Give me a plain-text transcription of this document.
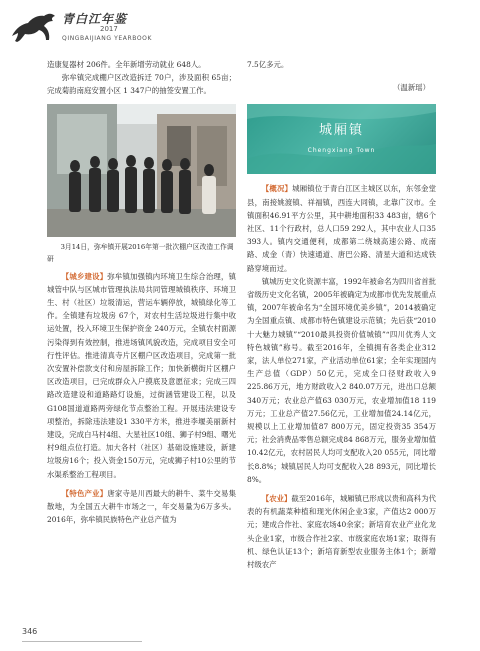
青白江年鉴
2017
QINGBAIJIANG YEARBOOK

造康复器材 206件。全年新增劳动就业 648人。

弥牟镇完成棚户区改造拆迁 70户，涉及面积 65亩；完成菊韵南庭安置小区 1 347户的抽签安置工作。

3月14日，弥牟镇开展2016年第一批次棚户区改造工作调研

【城乡建设】弥牟镇加强镇内环境卫生综合治理，镇城管中队与区城市管理执法局共同管理城镇秩序、环境卫生、村（社区）垃圾清运，营运车辆停放，城镇绿化等工作。全镇建有垃圾房 67个，对农村生活垃圾进行集中收运处置，投入环境卫生保护资金 240万元，全镇农村面源污染得到有效控制，推进场镇风貌改造，完成项目安全可行性评估。推进清真寺片区棚户区改造项目，完成第一批次安置补偿款支付和房屋拆除工作；加快新横街片区棚户区改造项目，已完成群众入户摸底及意愿征求；完成三四路改造建设和道路路灯设施，过街涵管建设工程，以及G108国道道路两旁绿化节点整治工程。开展违法建设专项整治，拆除违法建设1 330平方米，推进李堰美丽新村建设，完成白马村4组、大星社区10组、狮子村9组、曙光村9组点位打造。加大各村（社区）基础设施建设，新建垃圾房16个；投入资金150万元，完成狮子村10公里的节水渠系整治工程项目。

【特色产业】唐家寺是川西最大的耕牛、菜牛交易集散地，为全国五大耕牛市场之一，年交易量为6万多头。2016年，弥牟镇民族特色产业总产值为

7.5亿多元。

（温新瑶）
城厢镇
Chengxiang Town

【概况】城厢镇位于青白江区主城区以东，东邻金堂县，南接姚渡镇、祥福镇，西连大同镇，北靠广汉市。全镇面积46.91平方公里，其中耕地面积33 483亩，辖6个社区、11个行政村，总人口59 292人，其中农业人口35 393人。镇内交通便利，成都第二绕城高速公路、成南路、成金（青）快速通道、唐巴公路、清星大道和达成铁路穿境而过。

镇城历史文化资源丰富，1992年被命名为四川省首批省级历史文化名镇，2005年被确定为成都市优先发展重点镇，2007年被命名为“全国环境优美乡镇”，2014被确定为全国重点镇、成都市特色镇建设示范镇；先后获“2010十大魅力城镇”“2010最具投资价值城镇”“四川优秀人文特色城镇”称号。截至2016年，全镇拥有各类企业312家，法人单位271家，产业活动单位61家；全年实现国内生产总值（GDP）50亿元，完成全口径财政收入9 225.86万元，地方财政收入2 840.07万元，进出口总额340万元；农业总产值63 030万元，农业增加值18 119万元；工业总产值27.56亿元，工业增加值24.14亿元，规模以上工业增加值87 800万元，固定投资35 354万元；社会消费品零售总额完成84 868万元，服务业增加值10.42亿元，农村居民人均可支配收入20 055元，同比增长8.8%；城镇居民人均可支配收入28 893元，同比增长8%。

【农业】截至2016年，城厢镇已形成以贵和高科为代表的有机蔬菜种植和现光休闲企业3家，产值达2 000万元；建成合作社、家庭农场40余家；新培育农业产业化龙头企业1家，市级合作社2家、市级家庭农场1家；取得有机、绿色认证13个；新培育新型农业服务主体1个；新增村级农产

346
